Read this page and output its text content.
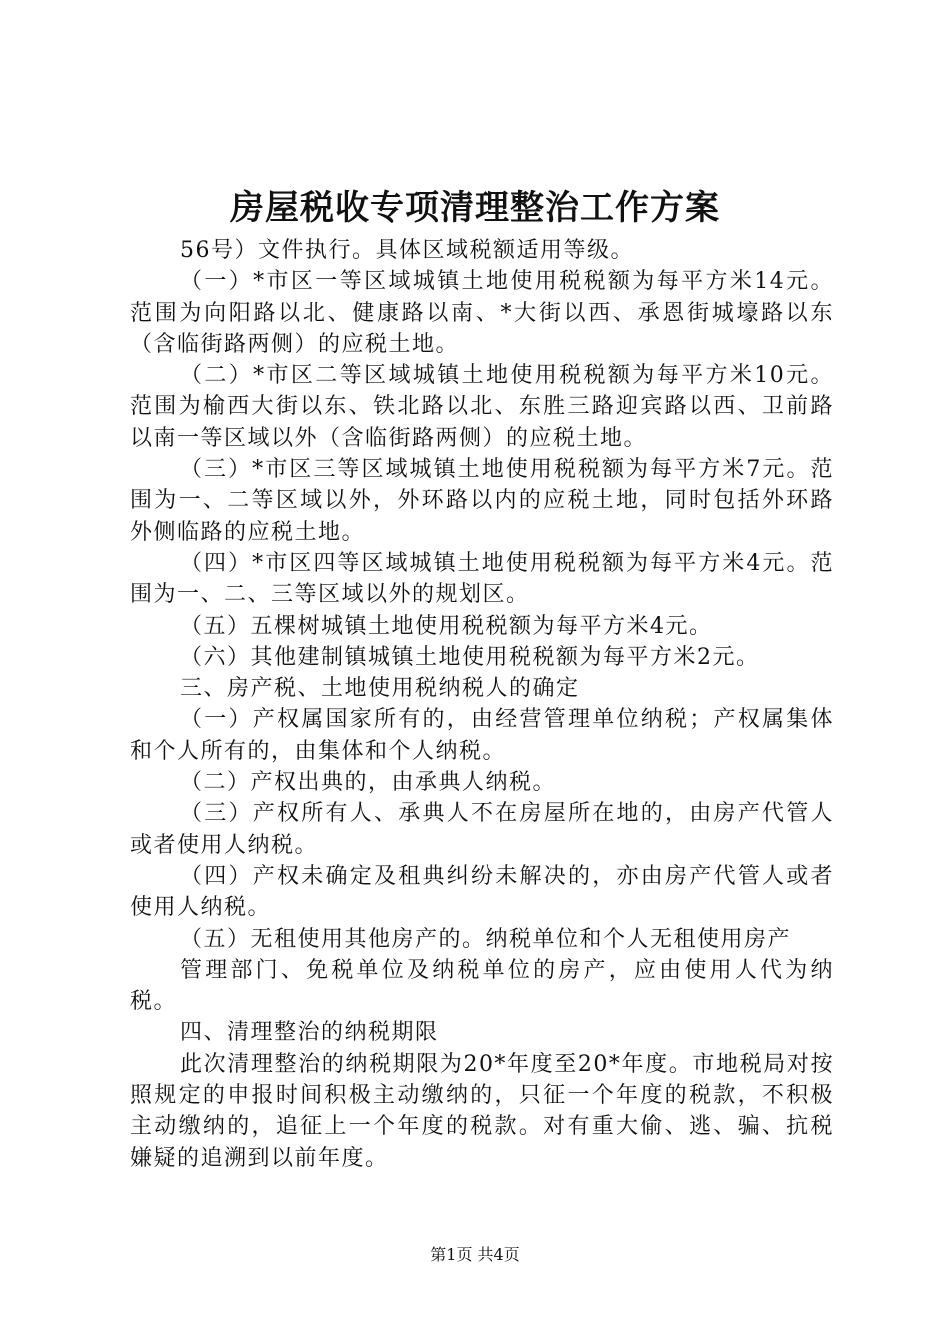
房屋税收专项清理整治工作方案

56号）文件执行。具体区域税额适用等级。

（一）*市区一等区域城镇土地使用税税额为每平方米14元。范围为向阳路以北、健康路以南、*大街以西、承恩街城壕路以东（含临街路两侧）的应税土地。

（二）*市区二等区域城镇土地使用税税额为每平方米10元。范围为榆西大街以东、铁北路以北、东胜三路迎宾路以西、卫前路以南一等区域以外（含临街路两侧）的应税土地。

（三）*市区三等区域城镇土地使用税税额为每平方米7元。范围为一、二等区域以外，外环路以内的应税土地，同时包括外环路外侧临路的应税土地。

（四）*市区四等区域城镇土地使用税税额为每平方米4元。范围为一、二、三等区域以外的规划区。

（五）五棵树城镇土地使用税税额为每平方米4元。

（六）其他建制镇城镇土地使用税税额为每平方米2元。

三、房产税、土地使用税纳税人的确定

（一）产权属国家所有的，由经营管理单位纳税；产权属集体和个人所有的，由集体和个人纳税。

（二）产权出典的，由承典人纳税。

（三）产权所有人、承典人不在房屋所在地的，由房产代管人或者使用人纳税。

（四）产权未确定及租典纠纷未解决的，亦由房产代管人或者使用人纳税。

（五）无租使用其他房产的。纳税单位和个人无租使用房产

管理部门、免税单位及纳税单位的房产，应由使用人代为纳税。

四、清理整治的纳税期限

此次清理整治的纳税期限为20*年度至20*年度。市地税局对按照规定的申报时间积极主动缴纳的，只征一个年度的税款，不积极主动缴纳的，追征上一个年度的税款。对有重大偷、逃、骗、抗税嫌疑的追溯到以前年度。

第1页 共4页
